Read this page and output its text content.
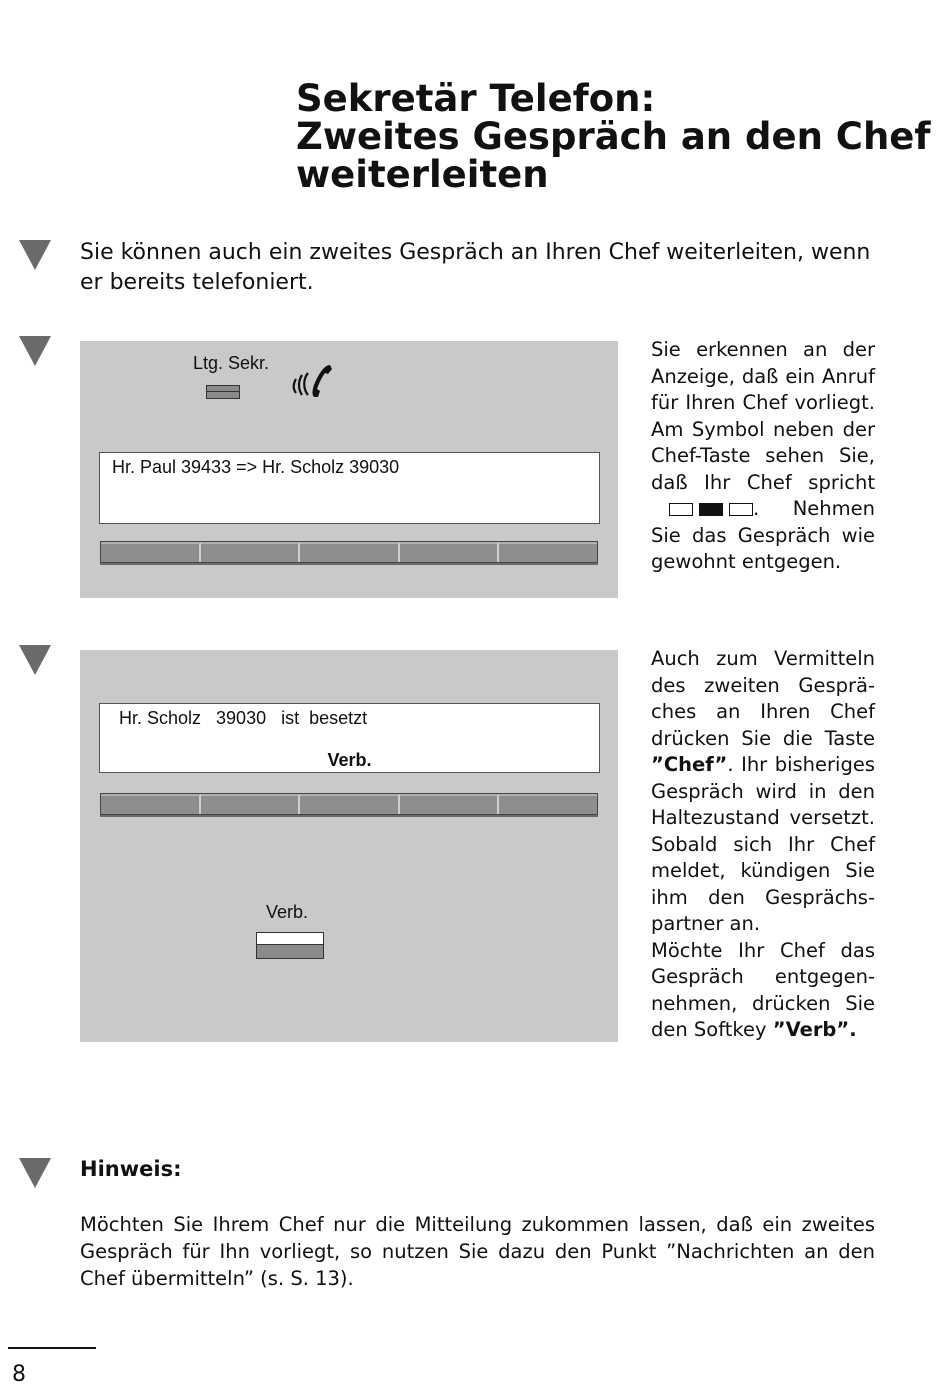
Sekretär Telefon:
Zweites Gespräch an den Chef
weiterleiten
Sie können auch ein zweites Gespräch an Ihren Chef weiterleiten, wenn er bereits telefoniert.
Ltg. Sekr.
Hr. Paul 39433 => Hr. Scholz 39030
Sie erkennen an der Anzeige, daß ein Anruf für Ihren Chef vorliegt. Am Symbol neben der Chef-Taste sehen Sie, daß Ihr Chef spricht . Nehmen Sie das Gespräch wie gewohnt entgegen.
Hr. Scholz   39030   ist  besetzt
Verb.
Verb.
Auch zum Vermitteln des zweiten Gesprä-ches an Ihren Chef drücken Sie die Taste ”Chef”. Ihr bisheriges Gespräch wird in den Haltezustand versetzt. Sobald sich Ihr Chef meldet, kündigen Sie ihm den Gesprächs-partner an.
Möchte Ihr Chef das Gespräch entgegen-nehmen, drücken Sie den Softkey ”Verb”.
Hinweis:
Möchten Sie Ihrem Chef nur die Mitteilung zukommen lassen, daß ein zweites Gespräch für Ihn vorliegt, so nutzen Sie dazu den Punkt ”Nachrichten an den Chef übermitteln” (s. S. 13).
8
